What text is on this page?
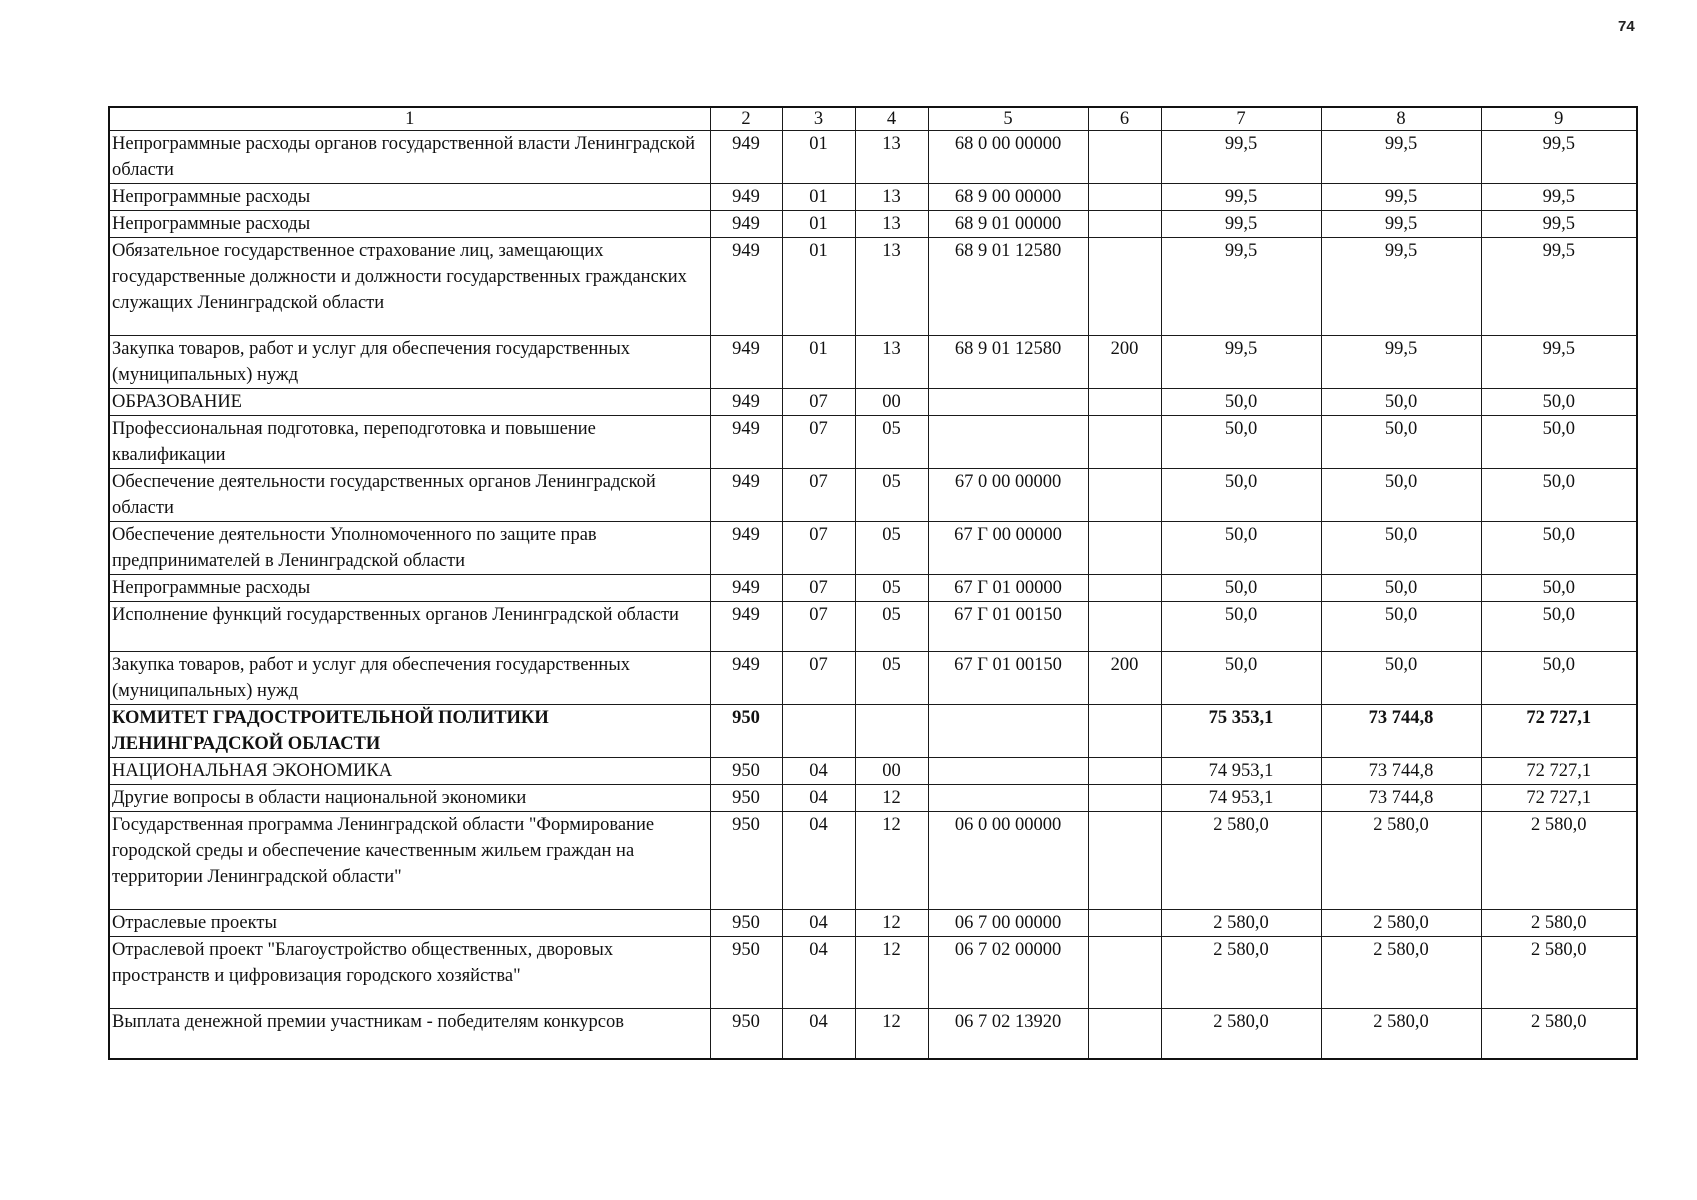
74
1	2	3	4	5	6	7	8	9
Непрограммные расходы органов государственной власти Ленинградской области	949	01	13	68 0 00 00000		99,5	99,5	99,5
Непрограммные расходы	949	01	13	68 9 00 00000		99,5	99,5	99,5
Непрограммные расходы	949	01	13	68 9 01 00000		99,5	99,5	99,5
Обязательное государственное страхование лиц, замещающих государственные должности и должности государственных гражданских служащих Ленинградской области	949	01	13	68 9 01 12580		99,5	99,5	99,5
Закупка товаров, работ и услуг для обеспечения государственных (муниципальных) нужд	949	01	13	68 9 01 12580	200	99,5	99,5	99,5
ОБРАЗОВАНИЕ	949	07	00			50,0	50,0	50,0
Профессиональная подготовка, переподготовка и повышение квалификации	949	07	05			50,0	50,0	50,0
Обеспечение деятельности государственных органов Ленинградской области	949	07	05	67 0 00 00000		50,0	50,0	50,0
Обеспечение деятельности Уполномоченного по защите прав предпринимателей в Ленинградской области	949	07	05	67 Г 00 00000		50,0	50,0	50,0
Непрограммные расходы	949	07	05	67 Г 01 00000		50,0	50,0	50,0
Исполнение функций государственных органов Ленинградской области	949	07	05	67 Г 01 00150		50,0	50,0	50,0
Закупка товаров, работ и услуг для обеспечения государственных (муниципальных) нужд	949	07	05	67 Г 01 00150	200	50,0	50,0	50,0
КОМИТЕТ ГРАДОСТРОИТЕЛЬНОЙ ПОЛИТИКИ ЛЕНИНГРАДСКОЙ ОБЛАСТИ	950					75 353,1	73 744,8	72 727,1
НАЦИОНАЛЬНАЯ ЭКОНОМИКА	950	04	00			74 953,1	73 744,8	72 727,1
Другие вопросы в области национальной экономики	950	04	12			74 953,1	73 744,8	72 727,1
Государственная программа Ленинградской области "Формирование городской среды и обеспечение качественным жильем граждан на территории Ленинградской области"	950	04	12	06 0 00 00000		2 580,0	2 580,0	2 580,0
Отраслевые проекты	950	04	12	06 7 00 00000		2 580,0	2 580,0	2 580,0
Отраслевой проект "Благоустройство общественных, дворовых пространств и цифровизация городского хозяйства"	950	04	12	06 7 02 00000		2 580,0	2 580,0	2 580,0
Выплата денежной премии участникам - победителям конкурсов	950	04	12	06 7 02 13920		2 580,0	2 580,0	2 580,0
